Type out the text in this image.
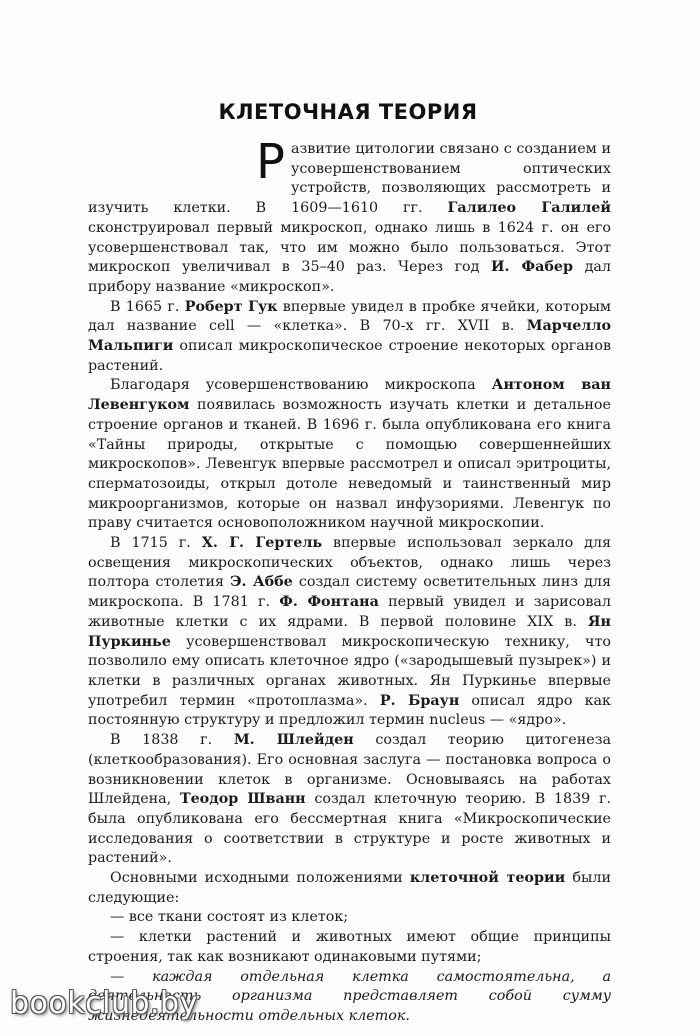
КЛЕТОЧНАЯ ТЕОРИЯ

Развитие цитологии связано с созданием и усовершенствованием оптических устройств, позволяющих рассмотреть и изучить клетки. В 1609—1610 гг. Галилео Галилей сконструировал первый микроскоп, однако лишь в 1624 г. он его усовершенствовал так, что им можно было пользоваться. Этот микроскоп увеличивал в 35–40 раз. Через год И. Фабер дал прибору название «микроскоп».

В 1665 г. Роберт Гук впервые увидел в пробке ячейки, которым дал название cell — «клетка». В 70-х гг. XVII в. Марчелло Мальпиги описал микроскопическое строение некоторых органов растений.

Благодаря усовершенствованию микроскопа Антоном ван Левенгуком появилась возможность изучать клетки и детальное строение органов и тканей. В 1696 г. была опубликована его книга «Тайны природы, открытые с помощью совершеннейших микроскопов». Левенгук впервые рассмотрел и описал эритроциты, сперматозоиды, открыл дотоле неведомый и таинственный мир микроорганизмов, которые он назвал инфузориями. Левенгук по праву считается основоположником научной микроскопии.

В 1715 г. Х. Г. Гертель впервые использовал зеркало для освещения микроскопических объектов, однако лишь через полтора столетия Э. Аббе создал систему осветительных линз для микроскопа. В 1781 г. Ф. Фонтана первый увидел и зарисовал животные клетки с их ядрами. В первой половине XIX в. Ян Пуркинье усовершенствовал микроскопическую технику, что позволило ему описать клеточное ядро («зародышевый пузырек») и клетки в различных органах животных. Ян Пуркинье впервые употребил термин «протоплазма». Р. Браун описал ядро как постоянную структуру и предложил термин nucleus — «ядро».

В 1838 г. М. Шлейден создал теорию цитогенеза (клеткообразования). Его основная заслуга — постановка вопроса о возникновении клеток в организме. Основываясь на работах Шлейдена, Теодор Шванн создал клеточную теорию. В 1839 г. была опубликована его бессмертная книга «Микроскопические исследования о соответствии в структуре и росте животных и растений».

Основными исходными положениями клеточной теории были следующие:

— все ткани состоят из клеток;

— клетки растений и животных имеют общие принципы строения, так как возникают одинаковыми путями;

— каждая отдельная клетка самостоятельна, а деятельность организма представляет собой сумму жизнедеятельности отдельных клеток.

bookclub.by
